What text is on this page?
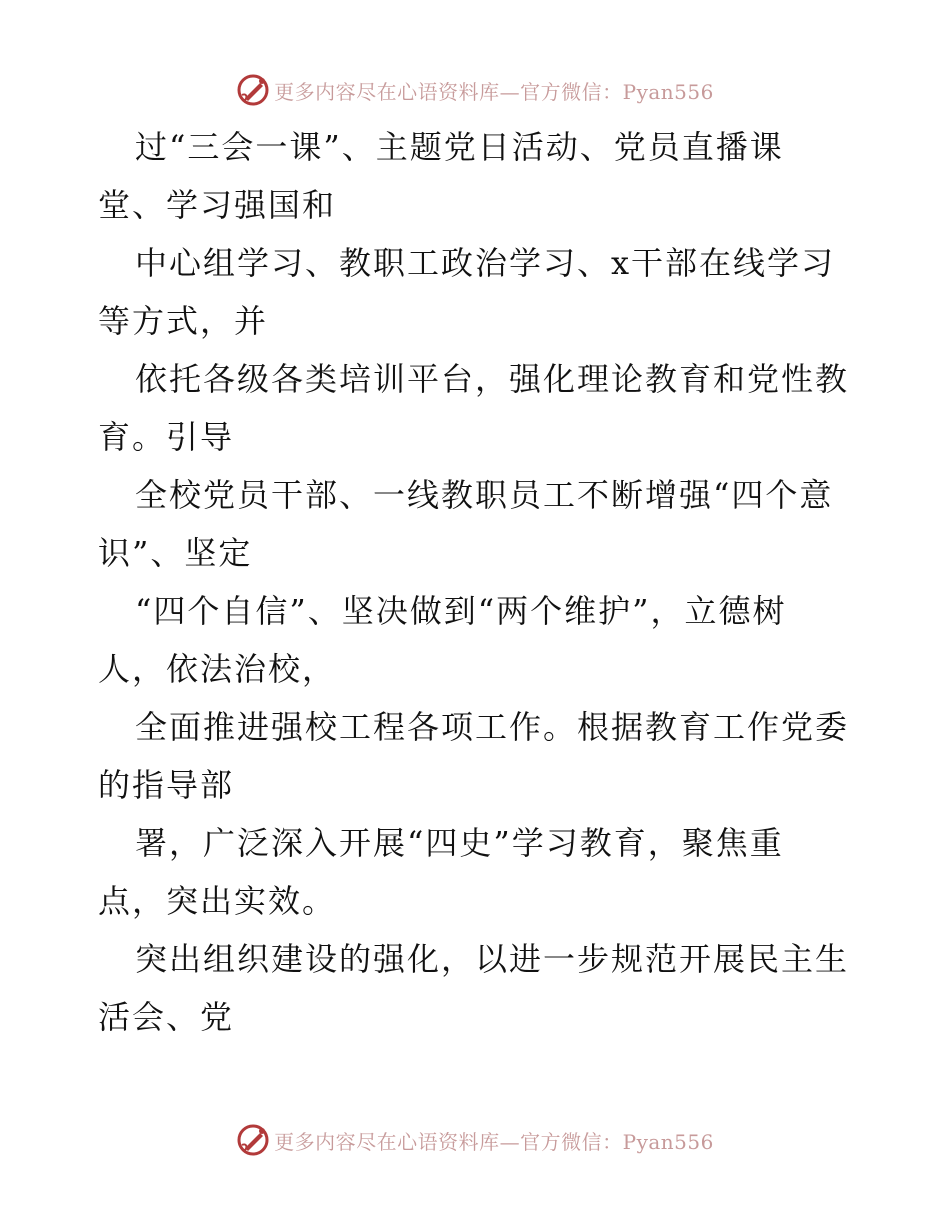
更多内容尽在心语资料库—官方微信：Pyan556

过“三会一课”、主题党日活动、党员直播课
堂、学习强国和

中心组学习、教职工政治学习、x干部在线学习
等方式，并

依托各级各类培训平台，强化理论教育和党性教
育。引导

全校党员干部、一线教职员工不断增强“四个意
识”、坚定

“四个自信”、坚决做到“两个维护”，立德树
人，依法治校，

全面推进强校工程各项工作。根据教育工作党委
的指导部

署，广泛深入开展“四史”学习教育，聚焦重
点，突出实效。

突出组织建设的强化，以进一步规范开展民主生
活会、党

更多内容尽在心语资料库—官方微信：Pyan556
